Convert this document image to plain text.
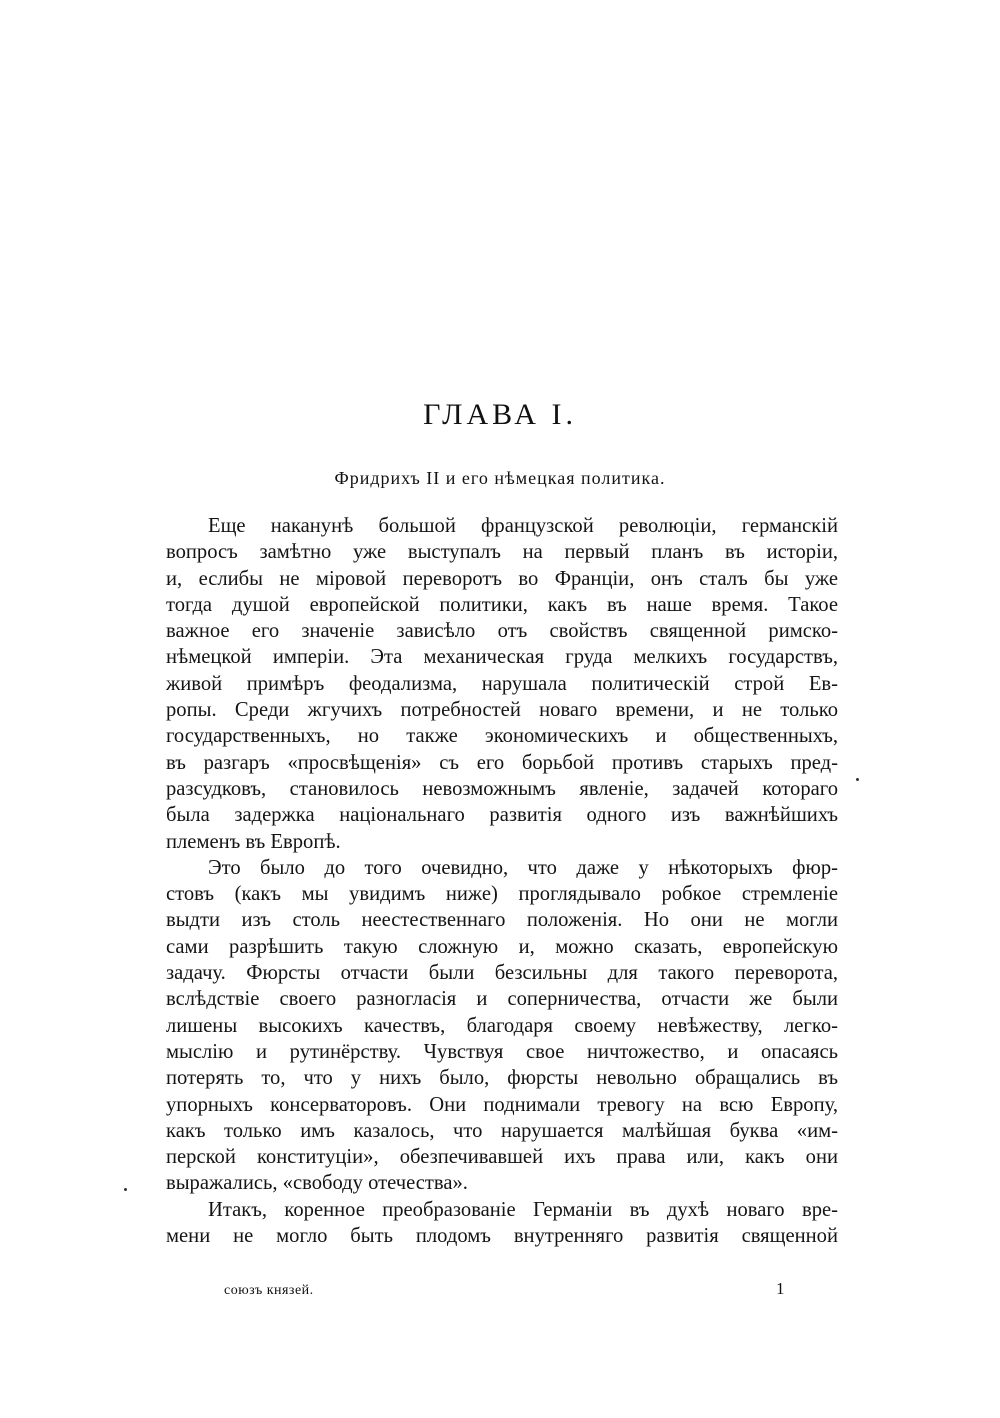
ГЛАВА I.
Фридрихъ II и его нѣмецкая политика.
Еще наканунѣ большой французской революціи, германскій
вопросъ замѣтно уже выступалъ на первый планъ въ исторіи,
и, еслибы не міровой переворотъ во Франціи, онъ сталъ бы уже
тогда душой европейской политики, какъ въ наше время. Такое
важное его значеніе зависѣло отъ свойствъ священной римско-
нѣмецкой имперіи. Эта механическая груда мелкихъ государствъ,
живой примѣръ феодализма, нарушала политическій строй Ев-
ропы. Среди жгучихъ потребностей новаго времени, и не только
государственныхъ, но также экономическихъ и общественныхъ,
въ разгаръ «просвѣщенія» съ его борьбой противъ старыхъ пред-
разсудковъ, становилось невозможнымъ явленіе, задачей котораго
была задержка національнаго развитія одного изъ важнѣйшихъ
племенъ въ Европѣ.
Это было до того очевидно, что даже у нѣкоторыхъ фюр-
стовъ (какъ мы увидимъ ниже) проглядывало робкое стремленіе
выдти изъ столь неестественнаго положенія. Но они не могли
сами разрѣшить такую сложную и, можно сказать, европейскую
задачу. Фюрсты отчасти были безсильны для такого переворота,
вслѣдствіе своего разногласія и соперничества, отчасти же были
лишены высокихъ качествъ, благодаря своему невѣжеству, легко-
мыслію и рутинёрству. Чувствуя свое ничтожество, и опасаясь
потерять то, что у нихъ было, фюрсты невольно обращались въ
упорныхъ консерваторовъ. Они поднимали тревогу на всю Европу,
какъ только имъ казалось, что нарушается малѣйшая буква «им-
перской конституціи», обезпечивавшей ихъ права или, какъ они
выражались, «свободу отечества».
Итакъ, коренное преобразованіе Германіи въ духѣ новаго вре-
мени не могло быть плодомъ внутренняго развитія священной
союзъ князей.	1
